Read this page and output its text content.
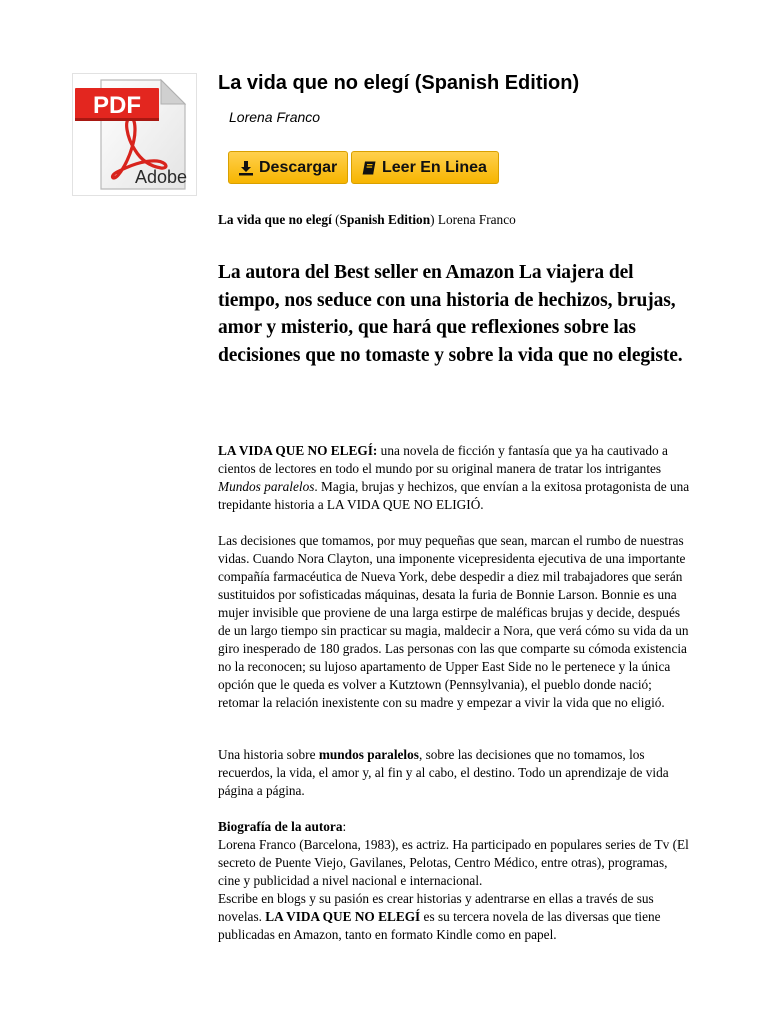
PDF
Adobe
La vida que no elegí (Spanish Edition)
Lorena Franco
Descargar	Leer En Linea
La vida que no elegí (Spanish Edition) Lorena Franco
La autora del Best seller en Amazon La viajera del tiempo, nos seduce con una historia de hechizos, brujas, amor y misterio, que hará que reflexiones sobre las decisiones que no tomaste y sobre la vida que no elegiste.

LA VIDA QUE NO ELEGÍ: una novela de ficción y fantasía que ya ha cautivado a cientos de lectores en todo el mundo por su original manera de tratar los intrigantes Mundos paralelos. Magia, brujas y hechizos, que envían a la exitosa protagonista de una trepidante historia a LA VIDA QUE NO ELIGIÓ.

Las decisiones que tomamos, por muy pequeñas que sean, marcan el rumbo de nuestras vidas. Cuando Nora Clayton, una imponente vicepresidenta ejecutiva de una importante compañía farmacéutica de Nueva York, debe despedir a diez mil trabajadores que serán sustituidos por sofisticadas máquinas, desata la furia de Bonnie Larson. Bonnie es una mujer invisible que proviene de una larga estirpe de maléficas brujas y decide, después de un largo tiempo sin practicar su magia, maldecir a Nora, que verá cómo su vida da un giro inesperado de 180 grados. Las personas con las que comparte su cómoda existencia no la reconocen; su lujoso apartamento de Upper East Side no le pertenece y la única opción que le queda es volver a Kutztown (Pennsylvania), el pueblo donde nació; retomar la relación inexistente con su madre y empezar a vivir la vida que no eligió.

Una historia sobre mundos paralelos, sobre las decisiones que no tomamos, los recuerdos, la vida, el amor y, al fin y al cabo, el destino. Todo un aprendizaje de vida página a página.

Biografía de la autora:
Lorena Franco (Barcelona, 1983), es actriz. Ha participado en populares series de Tv (El secreto de Puente Viejo, Gavilanes, Pelotas, Centro Médico, entre otras), programas, cine y publicidad a nivel nacional e internacional.
Escribe en blogs y su pasión es crear historias y adentrarse en ellas a través de sus novelas. LA VIDA QUE NO ELEGÍ es su tercera novela de las diversas que tiene publicadas en Amazon, tanto en formato Kindle como en papel.
